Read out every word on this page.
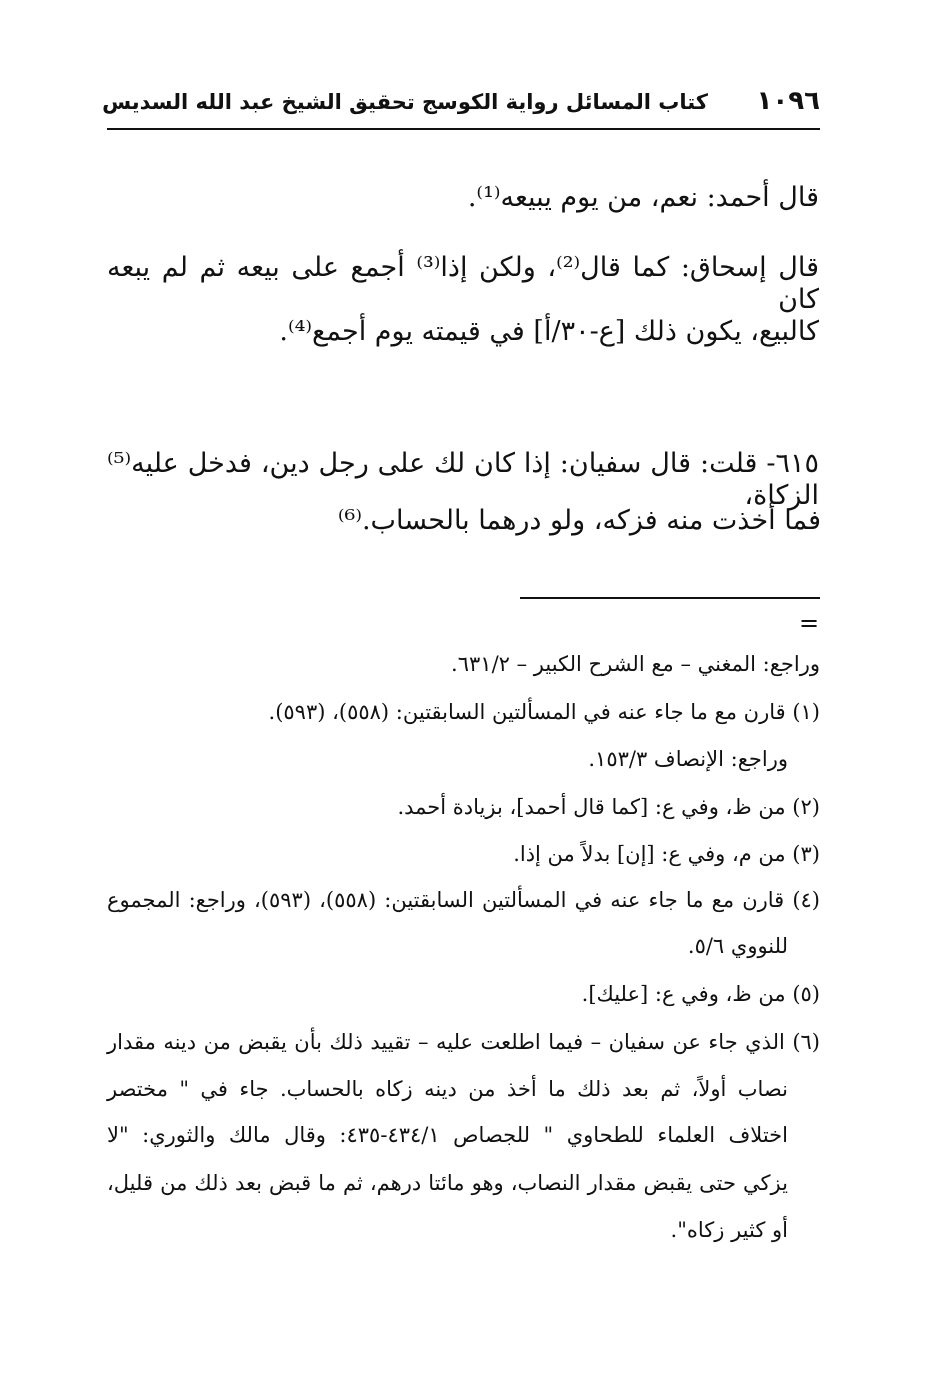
١٠٩٦
كتاب المسائل رواية الكوسج تحقيق الشيخ عبد الله السديس
قال أحمد: نعم، من يوم يبيعه⁽¹⁾.
قال إسحاق: كما قال⁽²⁾، ولكن إذا⁽³⁾ أجمع على بيعه ثم لم يبعه كان
كالبيع، يكون ذلك [ع-٣٠/أ] في قيمته يوم أجمع⁽⁴⁾.
٦١٥- قلت: قال سفيان: إذا كان لك على رجل دين، فدخل عليه⁽⁵⁾ الزكاة،
فما أخذت منه فزكه، ولو درهما بالحساب.⁽⁶⁾
=
وراجع: المغني – مع الشرح الكبير – ٦٣١/٢.
(١) قارن مع ما جاء عنه في المسألتين السابقتين: (٥٥٨)، (٥٩٣).
وراجع: الإنصاف ١٥٣/٣.
(٢) من ظ، وفي ع: [كما قال أحمد]، بزيادة أحمد.
(٣) من م، وفي ع: [إن] بدلاً من إذا.
(٤) قارن مع ما جاء عنه في المسألتين السابقتين: (٥٥٨)، (٥٩٣)، وراجع: المجموع
للنووي ٥/٦.
(٥) من ظ، وفي ع: [عليك].
(٦) الذي جاء عن سفيان – فيما اطلعت عليه – تقييد ذلك بأن يقبض من دينه مقدار
نصاب أولاً، ثم بعد ذلك ما أخذ من دينه زكاه بالحساب. جاء في " مختصر
اختلاف العلماء للطحاوي " للجصاص ٤٣٤/١-٤٣٥: وقال مالك والثوري: "لا
يزكي حتى يقبض مقدار النصاب، وهو مائتا درهم، ثم ما قبض بعد ذلك من قليل،
أو كثير زكاه".
